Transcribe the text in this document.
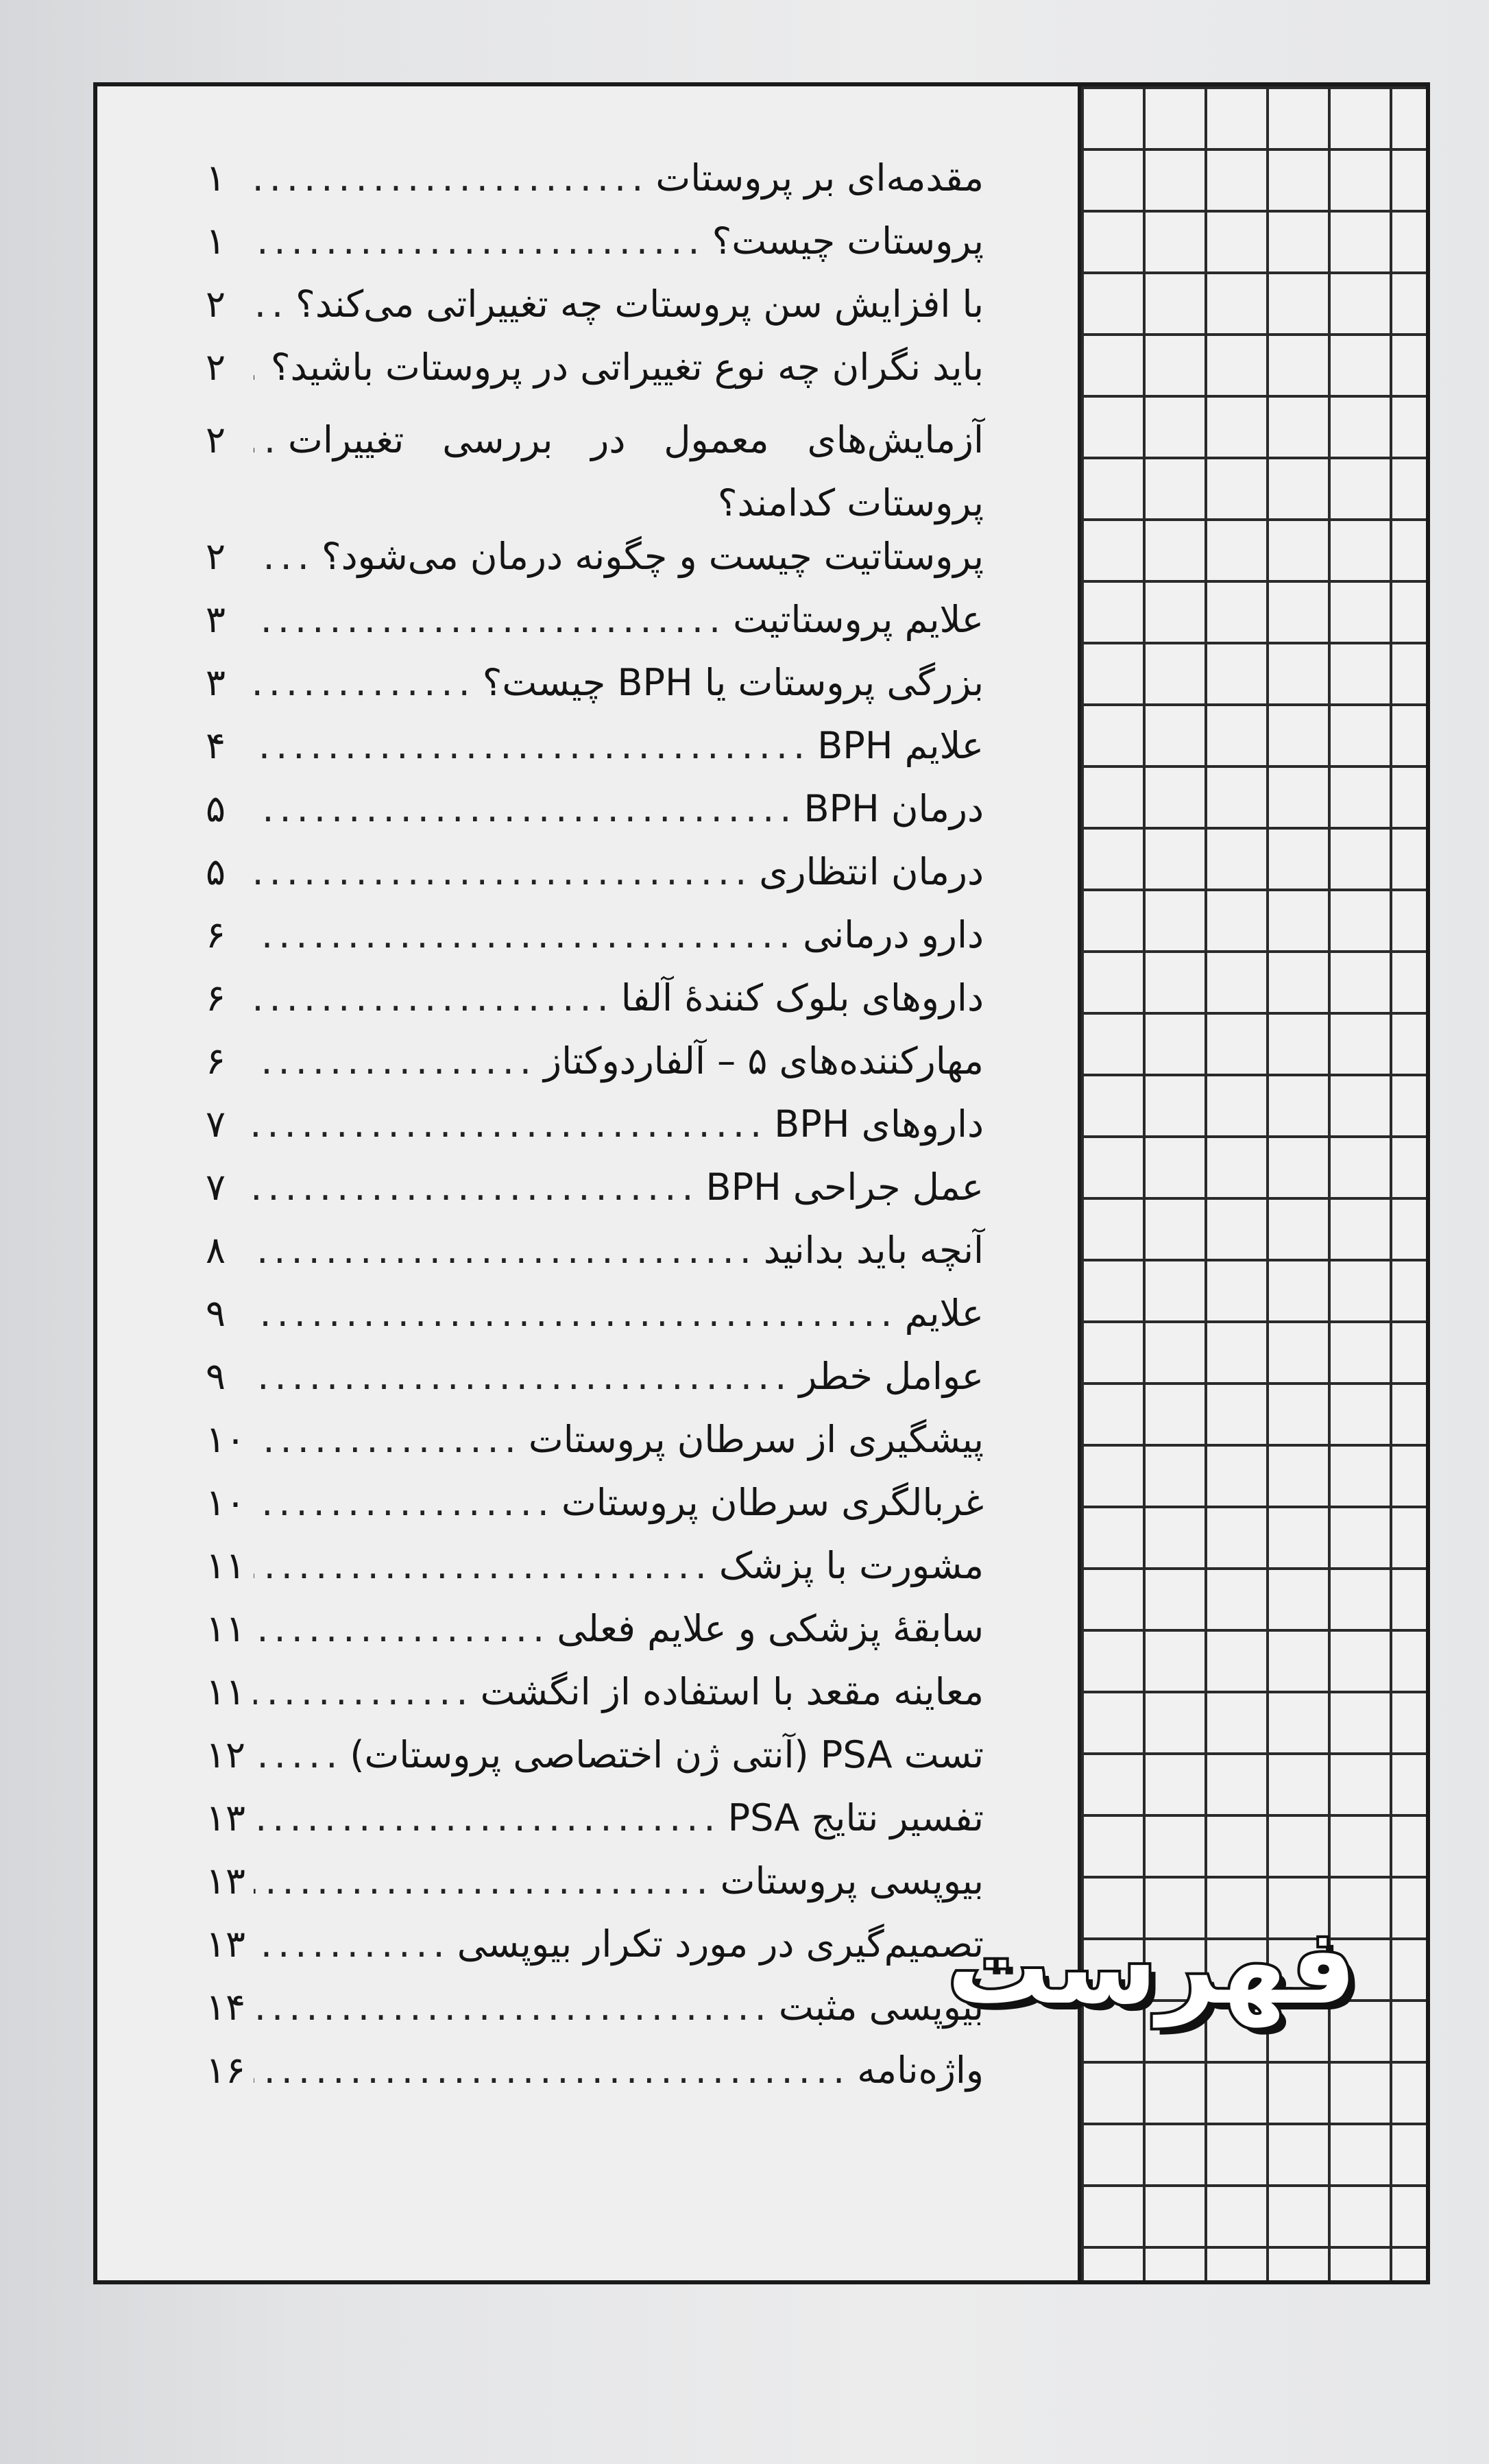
فهرست
مقدمه‌ای بر پروستات
.....
۱
پروستات چیست؟
.....
۱
با افزایش سن پروستات چه تغییراتی می‌کند؟
.....
۲
باید نگران چه نوع تغییراتی در پروستات باشید؟
.....
۲
آزمایش‌های معمول در بررسی تغییرات پروستات کدامند؟
.....
۲
پروستاتیت چیست و چگونه درمان می‌شود؟
.....
۲
علایم پروستاتیت
.....
۳
بزرگی پروستات یا BPH چیست؟
.....
۳
علایم BPH
.....
۴
درمان BPH
.....
۵
درمان انتظاری
.....
۵
دارو درمانی
.....
۶
داروهای بلوک کنندهٔ آلفا
.....
۶
مهارکننده‌های ۵ – آلفاردوکتاز
.....
۶
داروهای BPH
.....
۷
عمل جراحی BPH
.....
۷
آنچه باید بدانید
.....
۸
علایم
.....
۹
عوامل خطر
.....
۹
پیشگیری از سرطان پروستات
.....
۱۰
غربالگری سرطان پروستات
.....
۱۰
مشورت با پزشک
.....
۱۱
سابقهٔ پزشکی و علایم فعلی
.....
۱۱
معاینه مقعد با استفاده از انگشت
.....
۱۱
تست PSA (آنتی ژن اختصاصی پروستات)
.....
۱۲
تفسیر نتایج PSA
.....
۱۳
بیوپسی پروستات
.....
۱۳
تصمیم‌گیری در مورد تکرار بیوپسی
.....
۱۳
بیوپسی مثبت
.....
۱۴
واژه‌نامه
.....
۱۶
